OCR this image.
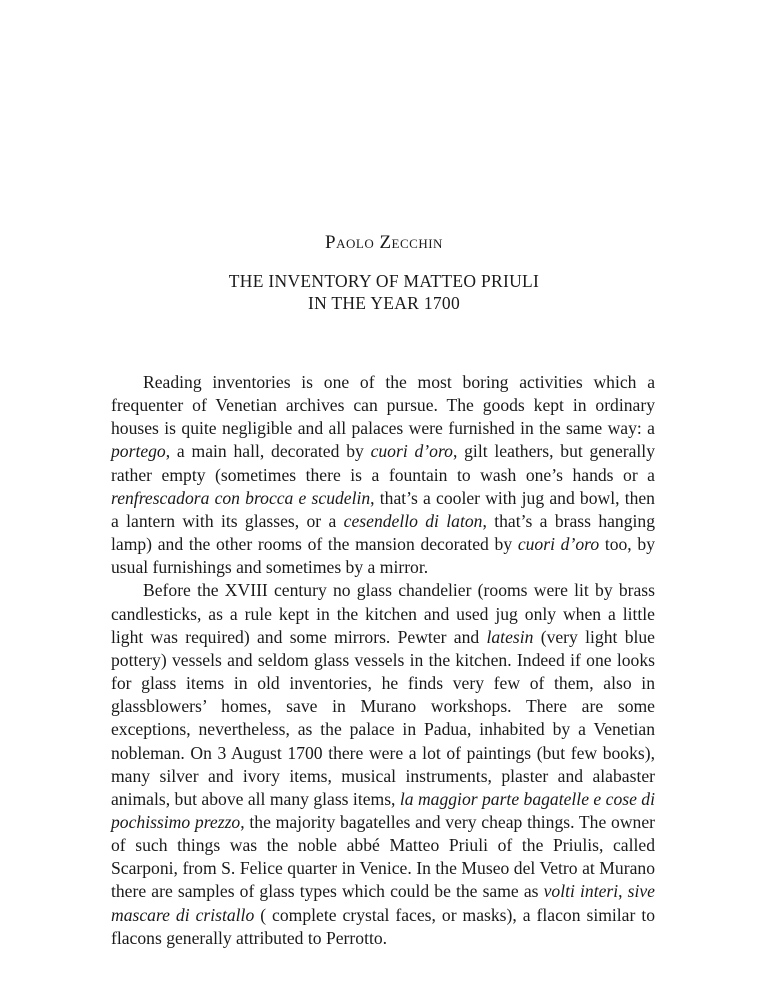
Paolo Zecchin
THE INVENTORY OF MATTEO PRIULI
IN THE YEAR 1700

Reading inventories is one of the most boring activities which a frequenter of Venetian archives can pursue. The goods kept in ordinary houses is quite negligible and all palaces were furnished in the same way: a portego, a main hall, decorated by cuori d’oro, gilt leathers, but generally rather empty (sometimes there is a fountain to wash one’s hands or a renfrescadora con brocca e scudelin, that’s a cooler with jug and bowl, then a lantern with its glasses, or a cesendello di laton, that’s a brass hanging lamp) and the other rooms of the mansion decorated by cuori d’oro too, by usual furnishings and sometimes by a mirror.

Before the XVIII century no glass chandelier (rooms were lit by brass candlesticks, as a rule kept in the kitchen and used jug only when a little light was required) and some mirrors. Pewter and latesin (very light blue pottery) vessels and seldom glass vessels in the kitchen. Indeed if one looks for glass items in old inventories, he finds very few of them, also in glassblowers’ homes, save in Murano workshops. There are some exceptions, nevertheless, as the palace in Padua, inhabited by a Venetian nobleman. On 3 August 1700 there were a lot of paintings (but few books), many silver and ivory items, musical instruments, plaster and alabaster animals, but above all many glass items, la maggior parte bagatelle e cose di pochissimo prezzo, the majority bagatelles and very cheap things. The owner of such things was the noble abbé Matteo Priuli of the Priulis, called Scarponi, from S. Felice quarter in Venice. In the Museo del Vetro at Murano there are samples of glass types which could be the same as volti interi, sive mascare di cristallo ( complete crystal faces, or masks), a flacon similar to flacons generally attributed to Perrotto.
